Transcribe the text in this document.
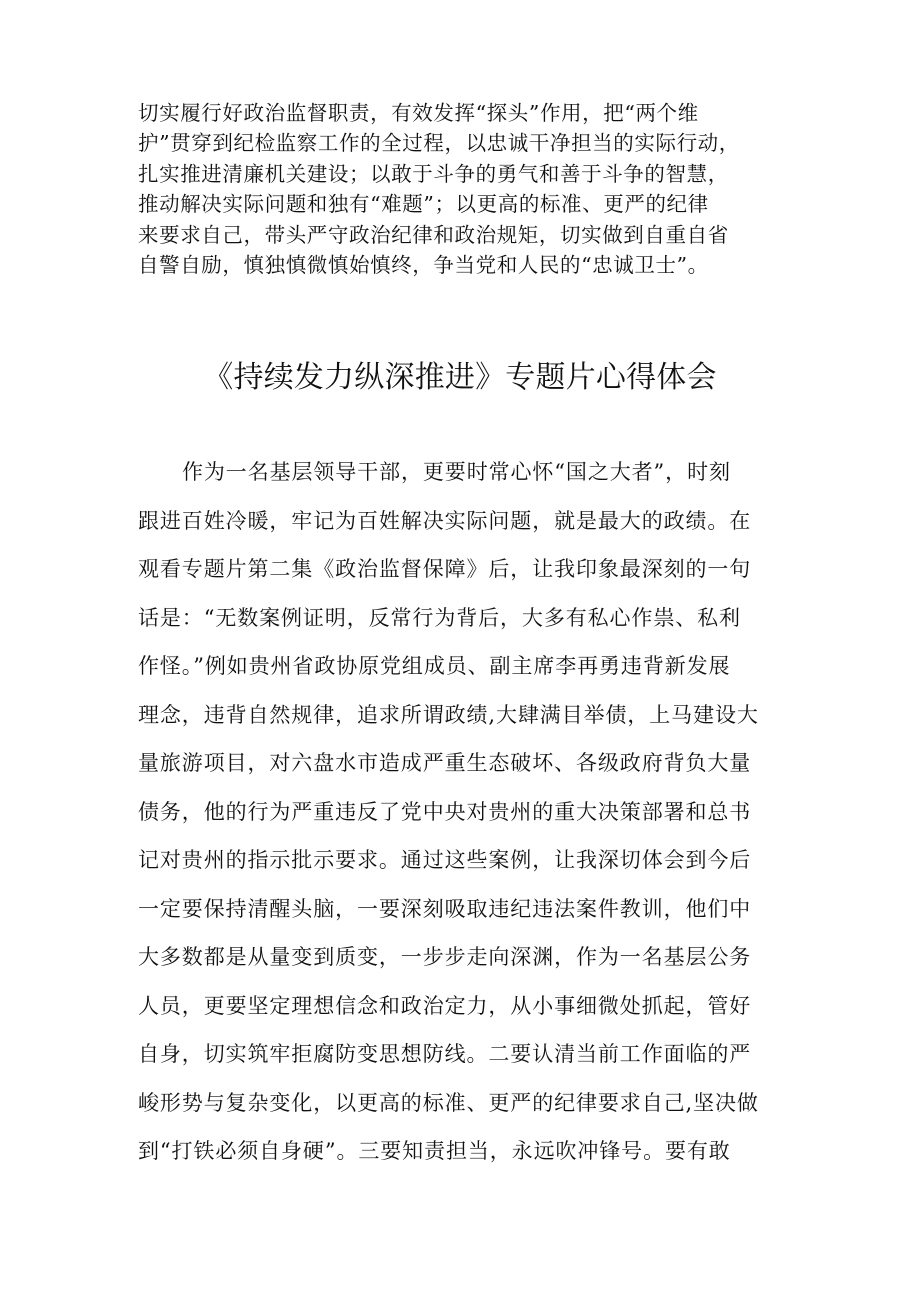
切实履行好政治监督职责，有效发挥“探头”作用，把“两个维
护”贯穿到纪检监察工作的全过程，以忠诚干净担当的实际行动，
扎实推进清廉机关建设；以敢于斗争的勇气和善于斗争的智慧，
推动解决实际问题和独有“难题”；以更高的标准、更严的纪律
来要求自己，带头严守政治纪律和政治规矩，切实做到自重自省
自警自励，慎独慎微慎始慎终，争当党和人民的“忠诚卫士”。
《持续发力纵深推进》专题片心得体会
作为一名基层领导干部，更要时常心怀“国之大者”，时刻
跟进百姓冷暖，牢记为百姓解决实际问题，就是最大的政绩。在
观看专题片第二集《政治监督保障》后，让我印象最深刻的一句
话是：“无数案例证明，反常行为背后，大多有私心作祟、私利
作怪。”例如贵州省政协原党组成员、副主席李再勇违背新发展
理念，违背自然规律，追求所谓政绩,大肆满目举债，上马建设大
量旅游项目，对六盘水市造成严重生态破坏、各级政府背负大量
债务，他的行为严重违反了党中央对贵州的重大决策部署和总书
记对贵州的指示批示要求。通过这些案例，让我深切体会到今后
一定要保持清醒头脑，一要深刻吸取违纪违法案件教训，他们中
大多数都是从量变到质变，一步步走向深渊，作为一名基层公务
人员，更要坚定理想信念和政治定力，从小事细微处抓起，管好
自身，切实筑牢拒腐防变思想防线。二要认清当前工作面临的严
峻形势与复杂变化，以更高的标准、更严的纪律要求自己,坚决做
到“打铁必须自身硬”。三要知责担当，永远吹冲锋号。要有敢
